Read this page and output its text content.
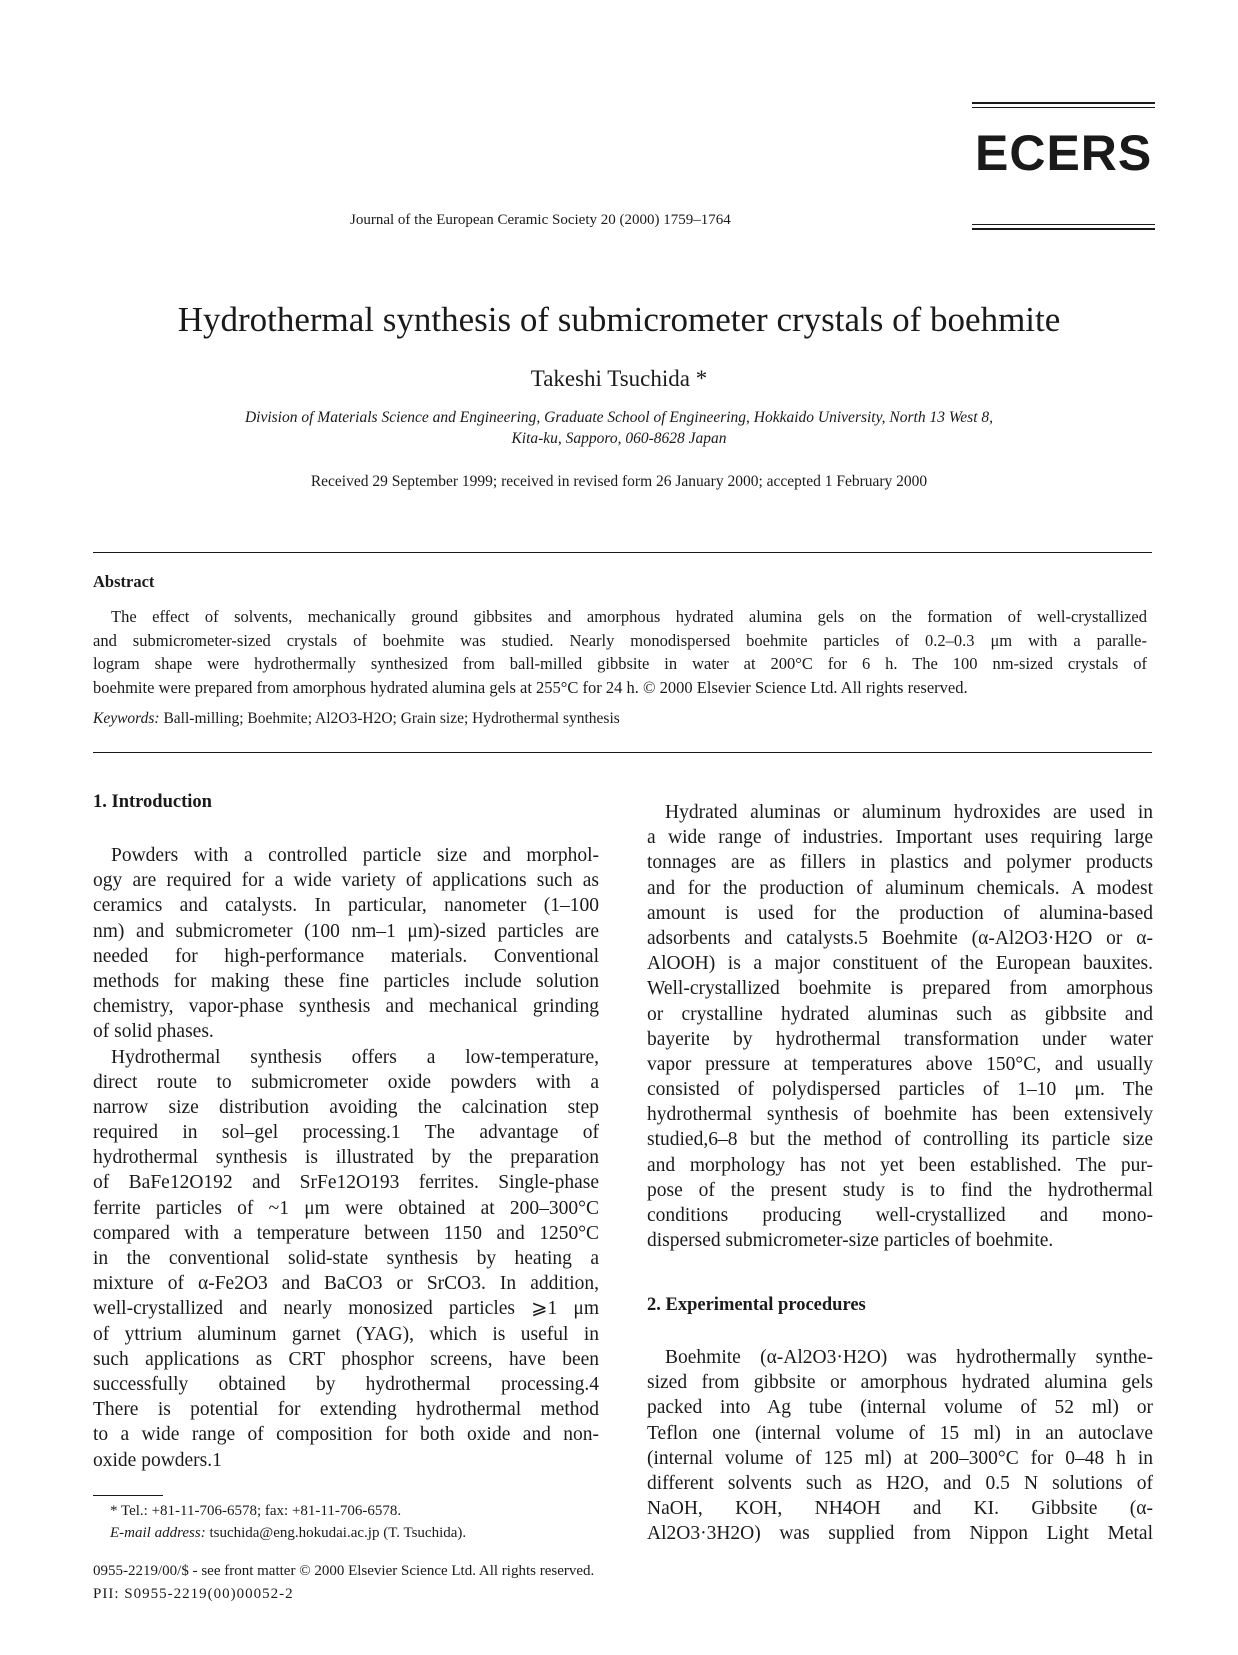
ECERS
Journal of the European Ceramic Society 20 (2000) 1759–1764
Hydrothermal synthesis of submicrometer crystals of boehmite
Takeshi Tsuchida *
Division of Materials Science and Engineering, Graduate School of Engineering, Hokkaido University, North 13 West 8,
Kita-ku, Sapporo, 060-8628 Japan
Received 29 September 1999; received in revised form 26 January 2000; accepted 1 February 2000
Abstract
The effect of solvents, mechanically ground gibbsites and amorphous hydrated alumina gels on the formation of well-crystallized
and submicrometer-sized crystals of boehmite was studied. Nearly monodispersed boehmite particles of 0.2–0.3 μm with a paralle-
logram shape were hydrothermally synthesized from ball-milled gibbsite in water at 200°C for 6 h. The 100 nm-sized crystals of
boehmite were prepared from amorphous hydrated alumina gels at 255°C for 24 h. © 2000 Elsevier Science Ltd. All rights reserved.
Keywords: Ball-milling; Boehmite; Al2O3-H2O; Grain size; Hydrothermal synthesis
1. Introduction
Powders with a controlled particle size and morphol-
ogy are required for a wide variety of applications such as
ceramics and catalysts. In particular, nanometer (1–100
nm) and submicrometer (100 nm–1 μm)-sized particles are
needed for high-performance materials. Conventional
methods for making these fine particles include solution
chemistry, vapor-phase synthesis and mechanical grinding
of solid phases.
Hydrothermal synthesis offers a low-temperature,
direct route to submicrometer oxide powders with a
narrow size distribution avoiding the calcination step
required in sol–gel processing.1 The advantage of
hydrothermal synthesis is illustrated by the preparation
of BaFe12O192 and SrFe12O193 ferrites. Single-phase
ferrite particles of ~1 μm were obtained at 200–300°C
compared with a temperature between 1150 and 1250°C
in the conventional solid-state synthesis by heating a
mixture of α-Fe2O3 and BaCO3 or SrCO3. In addition,
well-crystallized and nearly monosized particles ⩾1 μm
of yttrium aluminum garnet (YAG), which is useful in
such applications as CRT phosphor screens, have been
successfully obtained by hydrothermal processing.4
There is potential for extending hydrothermal method
to a wide range of composition for both oxide and non-
oxide powders.1
Hydrated aluminas or aluminum hydroxides are used in
a wide range of industries. Important uses requiring large
tonnages are as fillers in plastics and polymer products
and for the production of aluminum chemicals. A modest
amount is used for the production of alumina-based
adsorbents and catalysts.5 Boehmite (α-Al2O3·H2O or α-
AlOOH) is a major constituent of the European bauxites.
Well-crystallized boehmite is prepared from amorphous
or crystalline hydrated aluminas such as gibbsite and
bayerite by hydrothermal transformation under water
vapor pressure at temperatures above 150°C, and usually
consisted of polydispersed particles of 1–10 μm. The
hydrothermal synthesis of boehmite has been extensively
studied,6–8 but the method of controlling its particle size
and morphology has not yet been established. The pur-
pose of the present study is to find the hydrothermal
conditions producing well-crystallized and mono-
dispersed submicrometer-size particles of boehmite.
2. Experimental procedures
Boehmite (α-Al2O3·H2O) was hydrothermally synthe-
sized from gibbsite or amorphous hydrated alumina gels
packed into Ag tube (internal volume of 52 ml) or
Teflon one (internal volume of 15 ml) in an autoclave
(internal volume of 125 ml) at 200–300°C for 0–48 h in
different solvents such as H2O, and 0.5 N solutions of
NaOH, KOH, NH4OH and KI. Gibbsite (α-
Al2O3·3H2O) was supplied from Nippon Light Metal
* Tel.: +81-11-706-6578; fax: +81-11-706-6578.
E-mail address: tsuchida@eng.hokudai.ac.jp (T. Tsuchida).
0955-2219/00/$ - see front matter © 2000 Elsevier Science Ltd. All rights reserved.
PII: S0955-2219(00)00052-2
